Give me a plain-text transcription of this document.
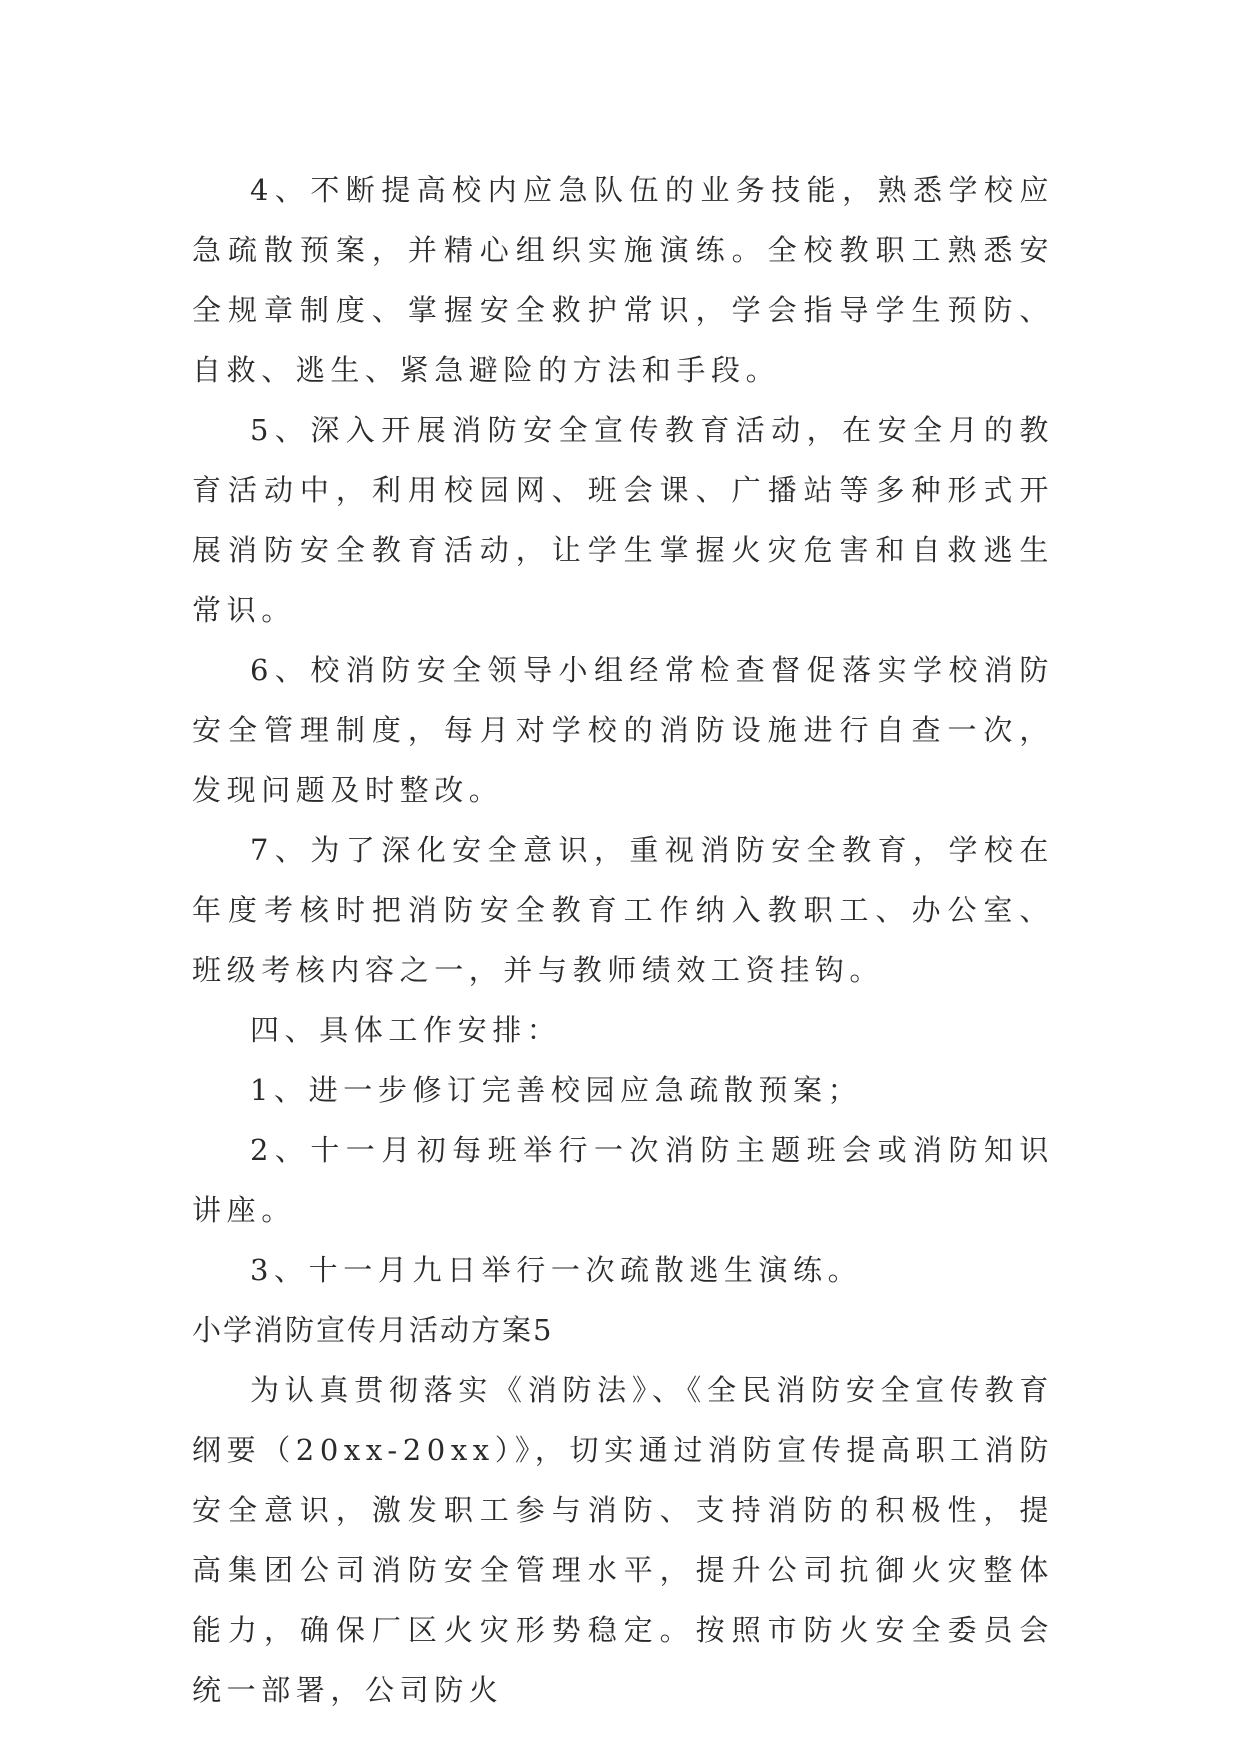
4、不断提高校内应急队伍的业务技能，熟悉学校应急疏散预案，并精心组织实施演练。全校教职工熟悉安全规章制度、掌握安全救护常识，学会指导学生预防、自救、逃生、紧急避险的方法和手段。

5、深入开展消防安全宣传教育活动，在安全月的教育活动中，利用校园网、班会课、广播站等多种形式开展消防安全教育活动，让学生掌握火灾危害和自救逃生常识。

6、校消防安全领导小组经常检查督促落实学校消防安全管理制度，每月对学校的消防设施进行自查一次，发现问题及时整改。

7、为了深化安全意识，重视消防安全教育，学校在年度考核时把消防安全教育工作纳入教职工、办公室、班级考核内容之一，并与教师绩效工资挂钩。

四、具体工作安排：

1、进一步修订完善校园应急疏散预案；

2、十一月初每班举行一次消防主题班会或消防知识讲座。

3、十一月九日举行一次疏散逃生演练。

小学消防宣传月活动方案5

为认真贯彻落实《消防法》、《全民消防安全宣传教育纲要（20xx-20xx）》，切实通过消防宣传提高职工消防安全意识，激发职工参与消防、支持消防的积极性，提高集团公司消防安全管理水平，提升公司抗御火灾整体能力，确保厂区火灾形势稳定。按照市防火安全委员会统一部署，公司防火
